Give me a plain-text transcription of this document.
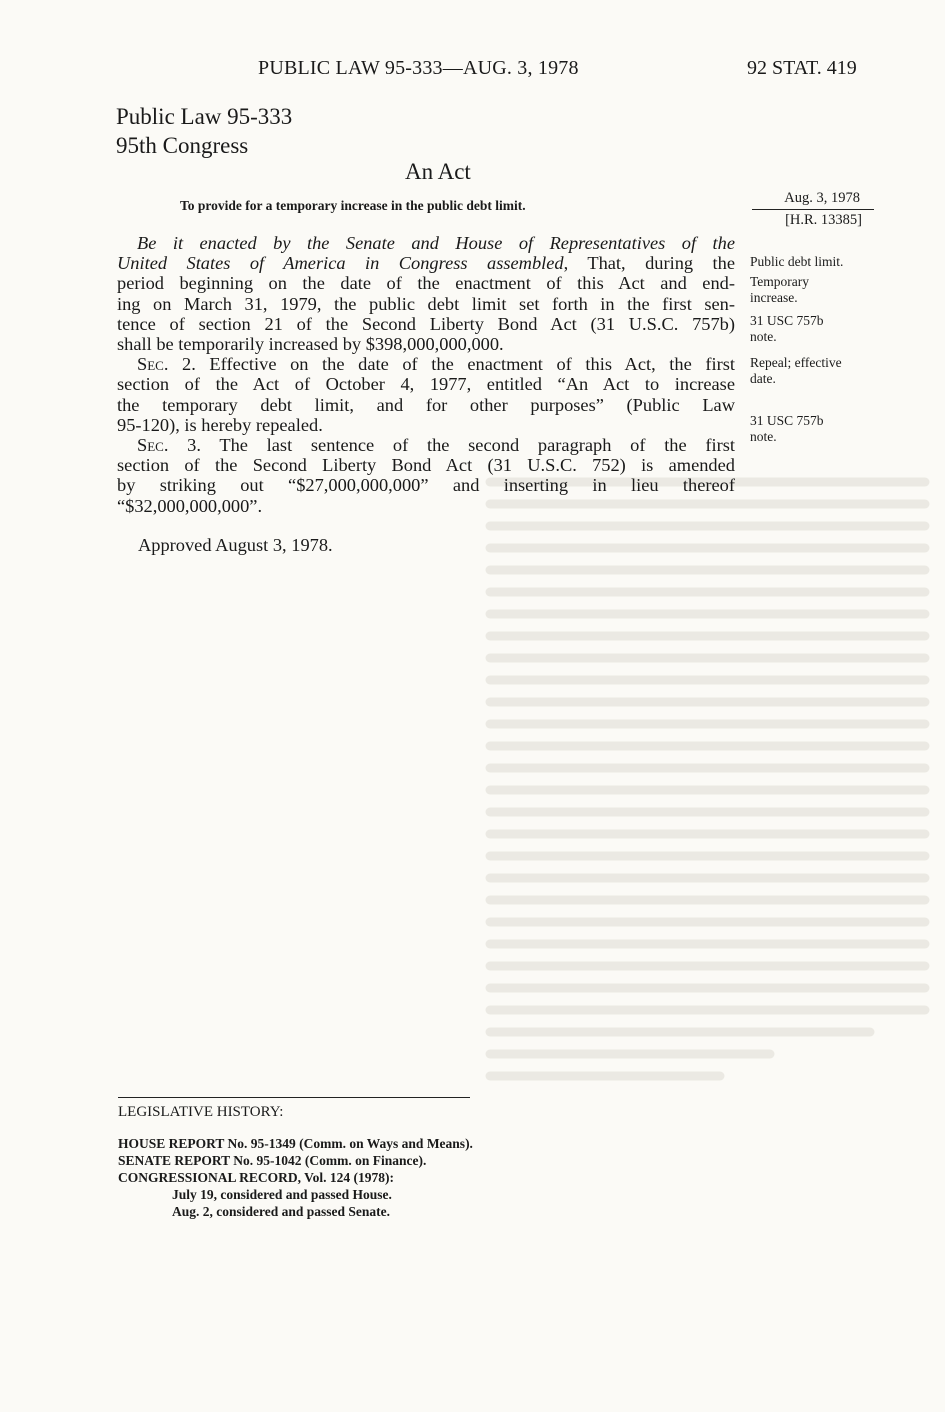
PUBLIC LAW 95-333—AUG. 3, 1978	92 STAT. 419
Public Law 95-333
95th Congress
An Act
To provide for a temporary increase in the public debt limit.	Aug. 3, 1978
[H.R. 13385]
Public debt limit.
Temporary
increase.
31 USC 757b
note.
Repeal; effective
date.
31 USC 757b
note.

Be it enacted by the Senate and House of Representatives of the
United States of America in Congress assembled, That, during the
period beginning on the date of the enactment of this Act and end-
ing on March 31, 1979, the public debt limit set forth in the first sen-
tence of section 21 of the Second Liberty Bond Act (31 U.S.C. 757b)
shall be temporarily increased by $398,000,000,000.

Sec. 2. Effective on the date of the enactment of this Act, the first
section of the Act of October 4, 1977, entitled “An Act to increase
the temporary debt limit, and for other purposes” (Public Law
95-120), is hereby repealed.

Sec. 3. The last sentence of the second paragraph of the first
section of the Second Liberty Bond Act (31 U.S.C. 752) is amended
by striking out “$27,000,000,000” and inserting in lieu thereof
“$32,000,000,000”.

Approved August 3, 1978.
LEGISLATIVE HISTORY:
HOUSE REPORT No. 95-1349 (Comm. on Ways and Means).
SENATE REPORT No. 95-1042 (Comm. on Finance).
CONGRESSIONAL RECORD, Vol. 124 (1978):
July 19, considered and passed House.
Aug. 2, considered and passed Senate.
